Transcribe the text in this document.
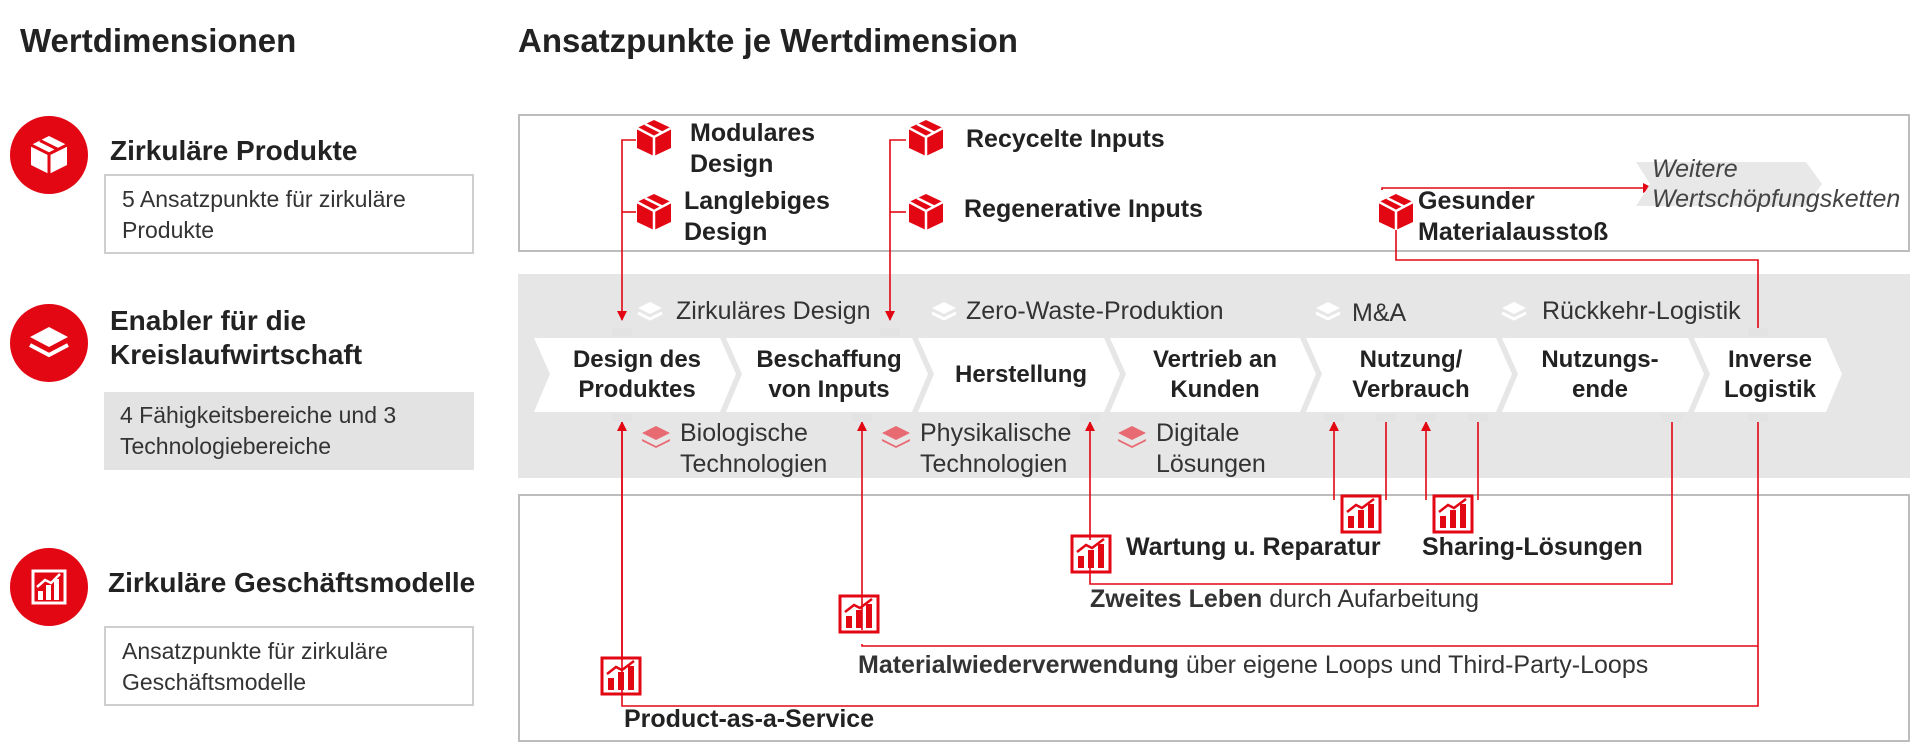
Wertdimensionen	Ansatzpunkte je Wertdimension
Zirkuläre Produkte
5 Ansatzpunkte für zirkuläre Produkte
Enabler für die Kreislaufwirtschaft
4 Fähigkeitsbereiche und 3 Technologiebereiche
Zirkuläre Geschäftsmodelle
Ansatzpunkte für zirkuläre Geschäftsmodelle
Modulares Design
Langlebiges Design
Recycelte Inputs
Regenerative Inputs	Gesunder Materialausstoß
Weitere Wertschöpfungsketten
Zirkuläres Design	Zero-Waste-Produktion	M&A	Rückkehr-Logistik
Design des Produktes
Beschaffung von Inputs
Herstellung
Vertrieb an Kunden
Nutzung/ Verbrauch
Nutzungs-ende
Inverse Logistik
Biologische Technologien
Physikalische Technologien
Digitale Lösungen
Wartung u. Reparatur Sharing-Lösungen
Zweites Leben durch Aufarbeitung
Materialwiederverwendung über eigene Loops und Third-Party-Loops
Product-as-a-Service
